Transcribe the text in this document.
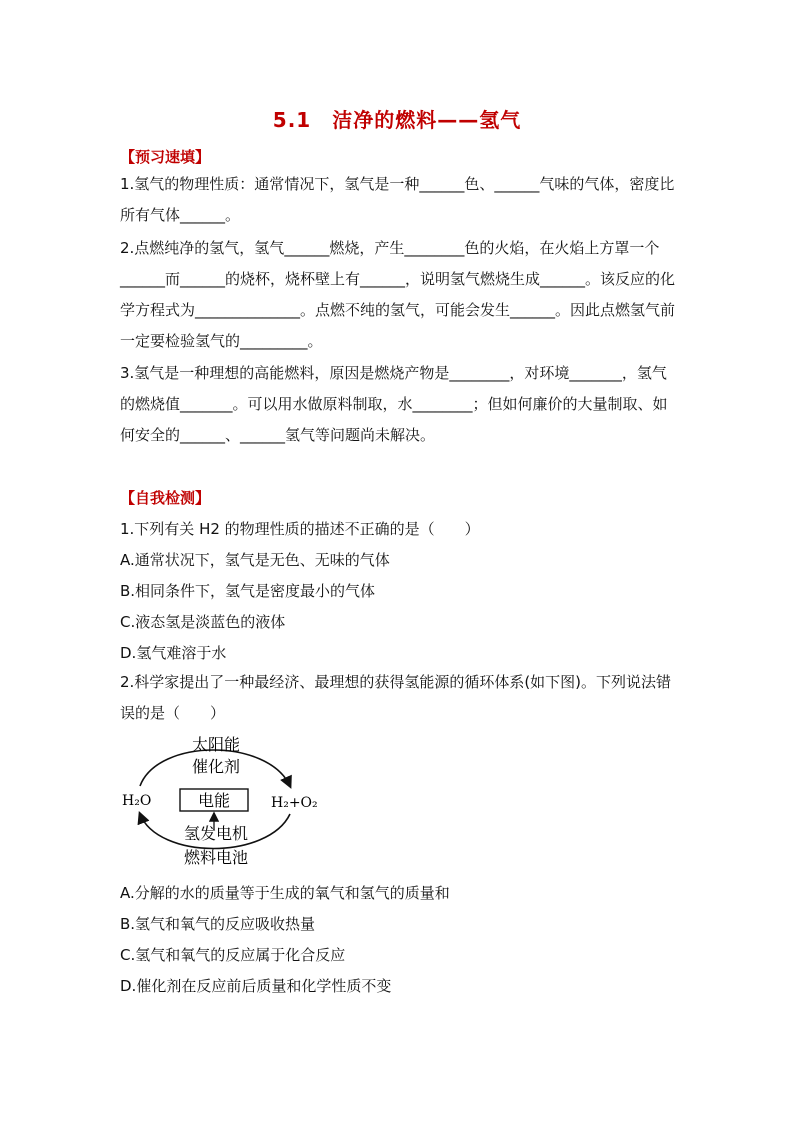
5.1　洁净的燃料——氢气
【预习速填】
1.氢气的物理性质：通常情况下，氢气是一种______色、______气味的气体，密度比所有气体______。
2.点燃纯净的氢气，氢气______燃烧，产生________色的火焰，在火焰上方罩一个______而______的烧杯，烧杯壁上有______，说明氢气燃烧生成______。该反应的化学方程式为______________。点燃不纯的氢气，可能会发生______。因此点燃氢气前一定要检验氢气的_________。
3.氢气是一种理想的高能燃料，原因是燃烧产物是________，对环境_______，氢气的燃烧值_______。可以用水做原料制取，水________；但如何廉价的大量制取、如何安全的______、______氢气等问题尚未解决。
【自我检测】
1.下列有关 H2 的物理性质的描述不正确的是（　　）
A.通常状况下，氢气是无色、无味的气体
B.相同条件下，氢气是密度最小的气体
C.液态氢是淡蓝色的液体
D.氢气难溶于水
2.科学家提出了一种最经济、最理想的获得氢能源的循环体系(如下图)。下列说法错误的是（　　）
太阳能
催化剂
H₂O	电能	H₂+O₂
氢发电机
燃料电池
A.分解的水的质量等于生成的氧气和氢气的质量和
B.氢气和氧气的反应吸收热量
C.氢气和氧气的反应属于化合反应
D.催化剂在反应前后质量和化学性质不变
